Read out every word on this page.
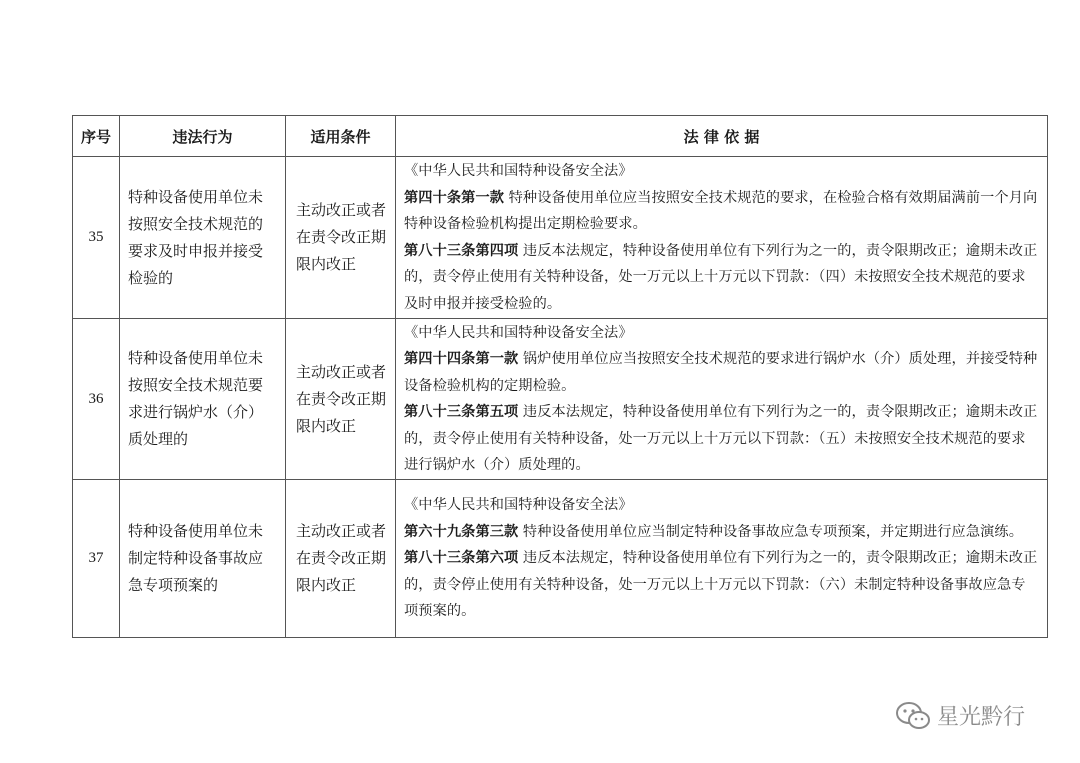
序号	违法行为	适用条件	法 律 依 据
35	特种设备使用单位未按照安全技术规范的要求及时申报并接受检验的	主动改正或者在责令改正期限内改正	《中华人民共和国特种设备安全法》

第四十条第一款 特种设备使用单位应当按照安全技术规范的要求，在检验合格有效期届满前一个月向特种设备检验机构提出定期检验要求。

第八十三条第四项 违反本法规定，特种设备使用单位有下列行为之一的，责令限期改正；逾期未改正的，责令停止使用有关特种设备，处一万元以上十万元以下罚款：（四）未按照安全技术规范的要求及时申报并接受检验的。

36	特种设备使用单位未按照安全技术规范要求进行锅炉水（介）质处理的	主动改正或者在责令改正期限内改正	《中华人民共和国特种设备安全法》

第四十四条第一款 锅炉使用单位应当按照安全技术规范的要求进行锅炉水（介）质处理，并接受特种设备检验机构的定期检验。

第八十三条第五项 违反本法规定，特种设备使用单位有下列行为之一的，责令限期改正；逾期未改正的，责令停止使用有关特种设备，处一万元以上十万元以下罚款：（五）未按照安全技术规范的要求进行锅炉水（介）质处理的。

37	特种设备使用单位未制定特种设备事故应急专项预案的	主动改正或者在责令改正期限内改正	《中华人民共和国特种设备安全法》

第六十九条第三款 特种设备使用单位应当制定特种设备事故应急专项预案，并定期进行应急演练。

第八十三条第六项 违反本法规定，特种设备使用单位有下列行为之一的，责令限期改正；逾期未改正的，责令停止使用有关特种设备，处一万元以上十万元以下罚款：（六）未制定特种设备事故应急专项预案的。

星光黔行
